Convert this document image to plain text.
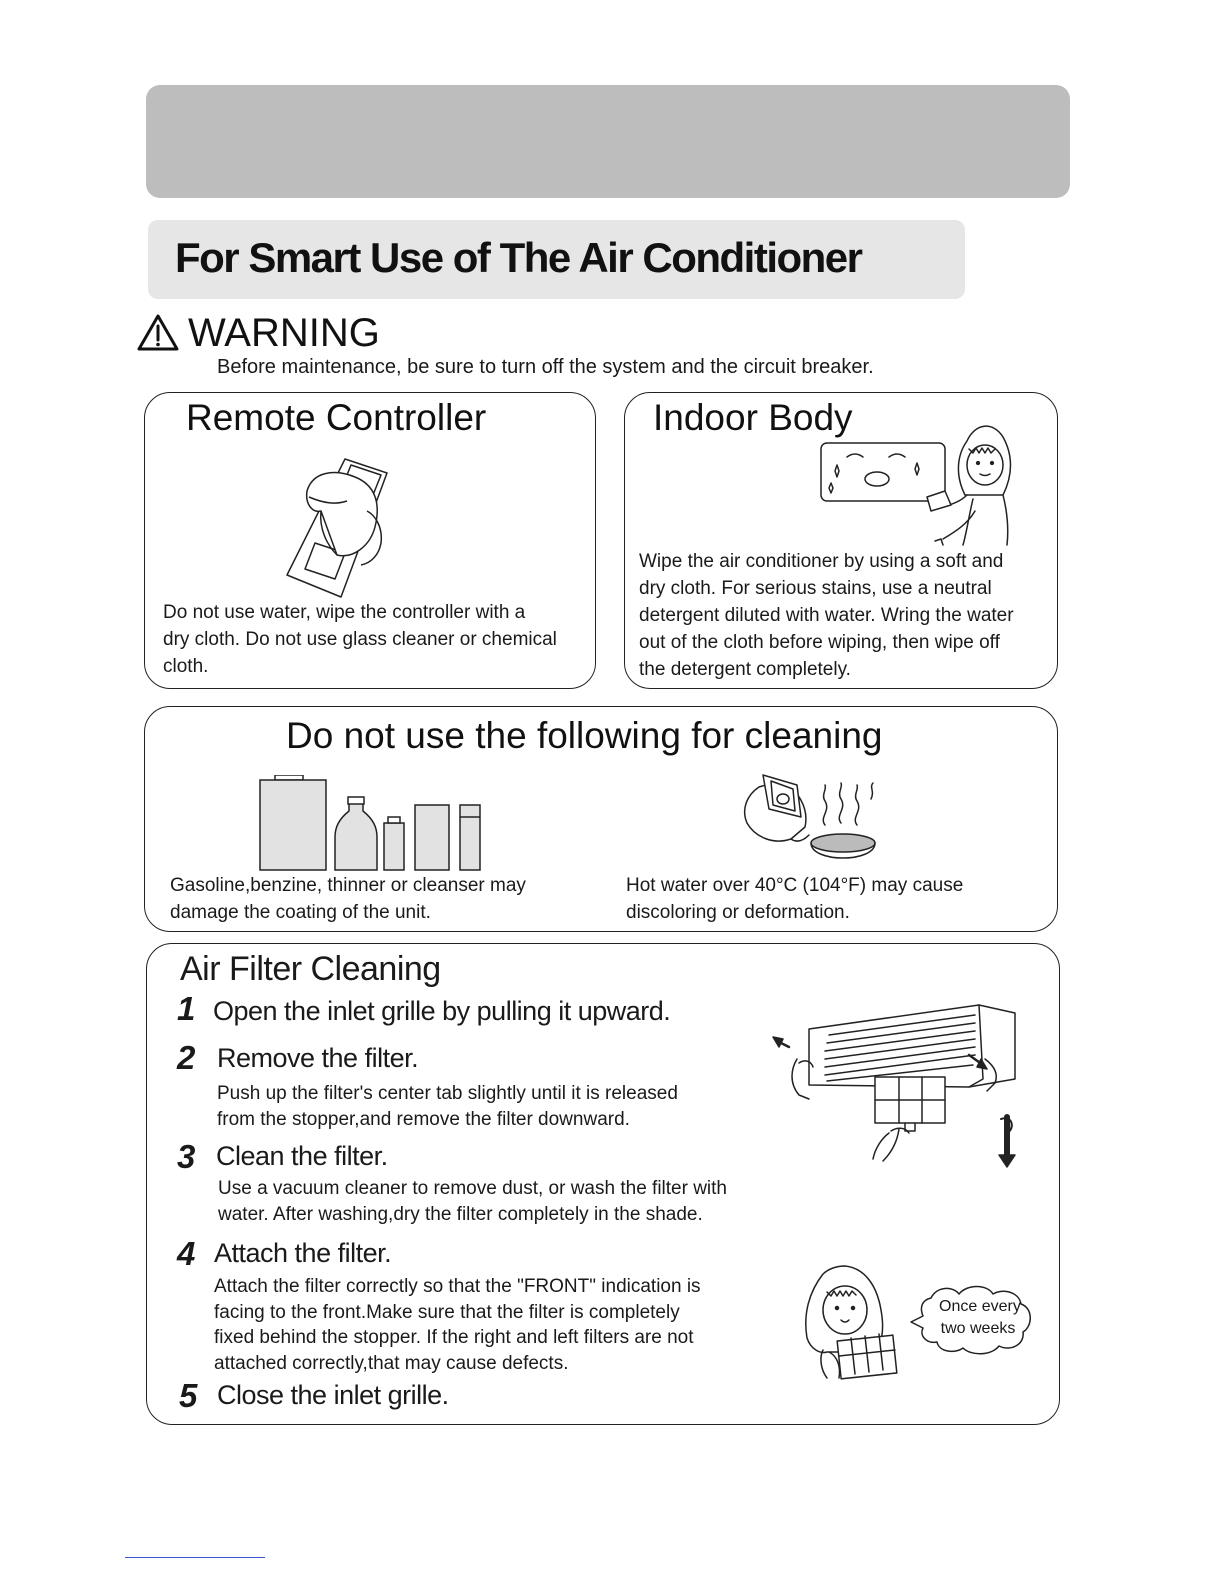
For Smart Use of The Air Conditioner
WARNING
Before maintenance, be sure to turn off the system and the circuit breaker.
Remote Controller
Do not use water, wipe the controller with a
dry cloth. Do not use glass cleaner or chemical
cloth.
Indoor Body
Wipe the air conditioner by using a soft and
dry cloth. For serious stains, use a neutral
detergent diluted with water. Wring the water
out of the cloth before wiping, then wipe off
the detergent completely.
Do not use the following for cleaning
Gasoline,benzine, thinner or cleanser may
damage the coating of the unit.
Hot water over 40°C (104°F) may cause
discoloring or deformation.
Air Filter Cleaning
1 Open the inlet grille by pulling it upward.
2 Remove the filter.
Push up the filter's center tab slightly until it is released
from the stopper,and remove the filter downward.
3 Clean the filter.
Use a vacuum cleaner to remove dust, or wash the filter with
water. After washing,dry the filter completely in the shade.
4 Attach the filter.
Attach the filter correctly so that the "FRONT" indication is
facing to the front.Make sure that the filter is completely
fixed behind the stopper. If the right and left filters are not
attached correctly,that may cause defects.
5 Close the inlet grille.
Once every
two weeks
